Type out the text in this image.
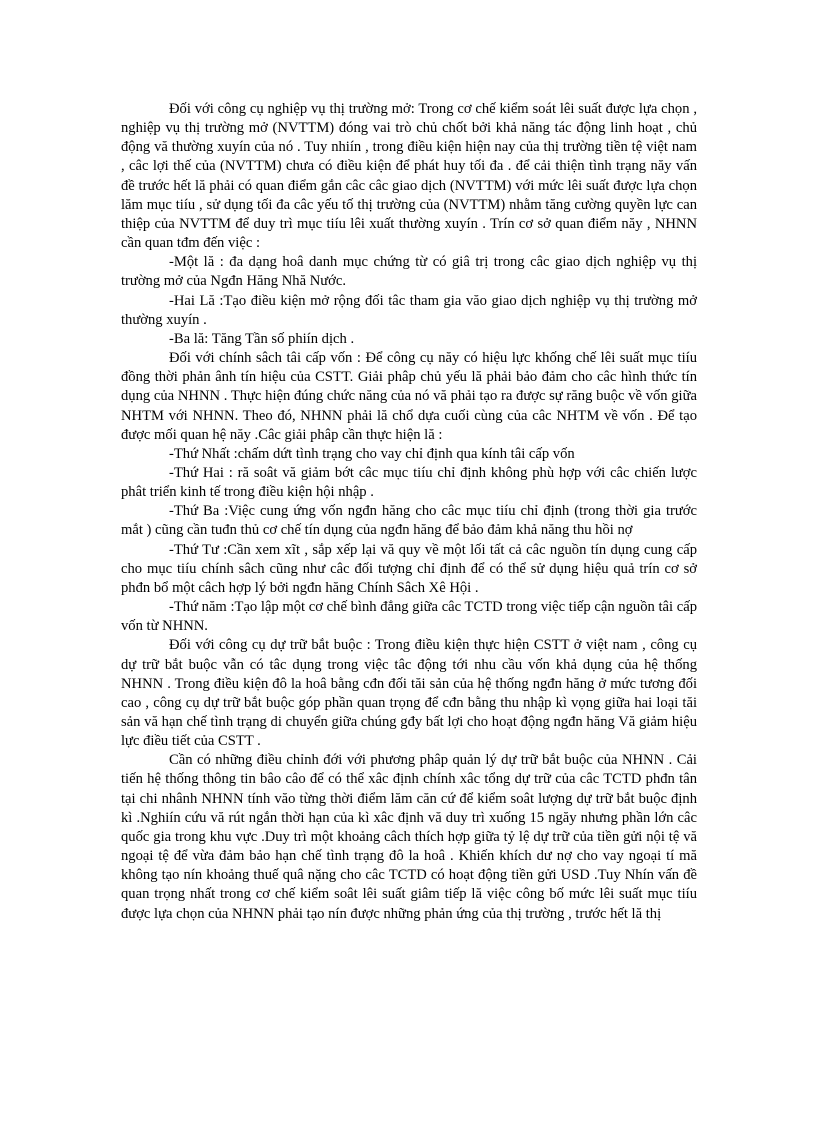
Đối với công cụ nghiệp vụ thị trường mở: Trong cơ chế kiểm soát lêi suất được lựa chọn , nghiệp vụ thị trường mở (NVTTM) đóng vai trò chủ chốt bởi khả năng tác động linh hoạt , chủ động vă thường xuyín của nó . Tuy nhiín , trong điều kiện hiện nay của thị trường tiền tệ việt nam , câc lợi thế của (NVTTM) chưa có điều kiện để phát huy tối đa . để cải thiện tình trạng năy vấn đề trước hết lă phải có quan điểm gắn câc câc giao dịch (NVTTM) với mức lêi suất được lựa chọn lăm mục tiíu , sử dụng tối đa câc yếu tố thị trường của (NVTTM) nhằm tăng cường quyền lực can thiệp của NVTTM để duy trì mục tiíu lêi xuất thường xuyín . Trín cơ sở quan điểm năy , NHNN cần quan tđm đến việc :

-Một lă : đa dạng hoâ danh mục chứng từ có giâ trị trong câc giao dịch nghiệp vụ thị trường mở của Ngđn Hăng Nhă Nước.

-Hai Lă :Tạo điều kiện mở rộng đối tâc tham gia văo giao dịch nghiệp vụ thị trường mở thường xuyín .

-Ba lă: Tăng Tần số phiín dịch .

Đối với chính sâch tâi cấp vốn : Để công cụ năy có hiệu lực khống chế lêi suất mục tiíu đồng thời phản ânh tín hiệu của CSTT. Giải phâp chủ yếu lă phải bảo đảm cho câc hình thức tín dụng của NHNN . Thực hiện đúng chức năng của nó vă phải tạo ra được sự răng buộc về vốn giữa NHTM với NHNN. Theo đó, NHNN phải lă chổ dựa cuối cùng của câc NHTM về vốn . Để tạo được mối quan hệ năy .Câc giải phâp cần thực hiện lă :

-Thứ Nhất :chấm dứt tình trạng cho vay chỉ định qua kính tâi cấp vốn

-Thứ Hai : ră soât vă giảm bớt câc mục tiíu chỉ định không phù hợp với câc chiến lược phât triển kinh tế trong điều kiện hội nhập .

-Thứ Ba :Việc cung ứng vốn ngđn hăng cho câc mục tiíu chỉ định (trong thời gia trước mắt ) cũng cần tuđn thủ cơ chế tín dụng của ngđn hăng để bảo đảm khả năng thu hồi nợ

-Thứ Tư :Cần xem xĩt , sắp xếp lại vă quy về một lối tất cả câc nguồn tín dụng cung cấp cho mục tiíu chính sâch cũng như câc đối tượng chỉ định để có thể sử dụng hiệu quả trín cơ sở phđn bổ một câch hợp lý bởi ngđn hăng Chính Sâch Xê Hội .

-Thứ năm :Tạo lập một cơ chế bình đẳng giữa câc TCTD trong việc tiếp cận nguồn tâi cấp vốn từ NHNN.

Đối với công cụ dự trữ bắt buộc : Trong điều kiện thực hiện CSTT ở việt nam , công cụ dự trữ bắt buộc vẫn có tâc dụng trong việc tâc động tới nhu cầu vốn khả dụng của hệ thống NHNN . Trong điều kiện đô la hoâ bằng cđn đối tăi sản của hệ thống ngđn hăng ở mức tương đối cao , công cụ dự trữ bắt buộc góp phần quan trọng để cđn bằng thu nhập kì vọng giữa hai loại tăi sản vă hạn chế tình trạng di chuyển giữa chúng gđy bất lợi cho hoạt động ngđn hăng Vă giảm hiệu lực điều tiết của CSTT .

Cần có những điều chỉnh đới với phương phâp quản lý dự trữ bắt buộc của NHNN . Cải tiến hệ thống thông tin bâo câo để có thể xâc định chính xâc tổng dự trữ của câc TCTD phđn tân tại chi nhânh NHNN tính văo từng thời điểm lăm căn cứ để kiểm soât lượng dự trữ bắt buộc định kì .Nghiín cứu vă rút ngắn thời hạn của kì xâc định vă duy trì xuống 15 ngăy nhưng phần lớn câc quốc gia trong khu vực .Duy trì một khoảng câch thích hợp giữa tỷ lệ dự trữ của tiền gửi nội tệ vă ngoại tệ để vừa đảm bảo hạn chế tình trạng đô la hoâ . Khiến khích dư nợ cho vay ngoại tí mă không tạo nín khoảng thuế quâ nặng cho câc TCTD có hoạt động tiền gửi USD .Tuy Nhín vấn đề quan trọng nhất trong cơ chế kiểm soât lêi suất giâm tiếp lă việc công bố mức lêi suất mục tiíu được lựa chọn của NHNN phải tạo nín được những phản ứng của thị trường , trước hết lă thị
